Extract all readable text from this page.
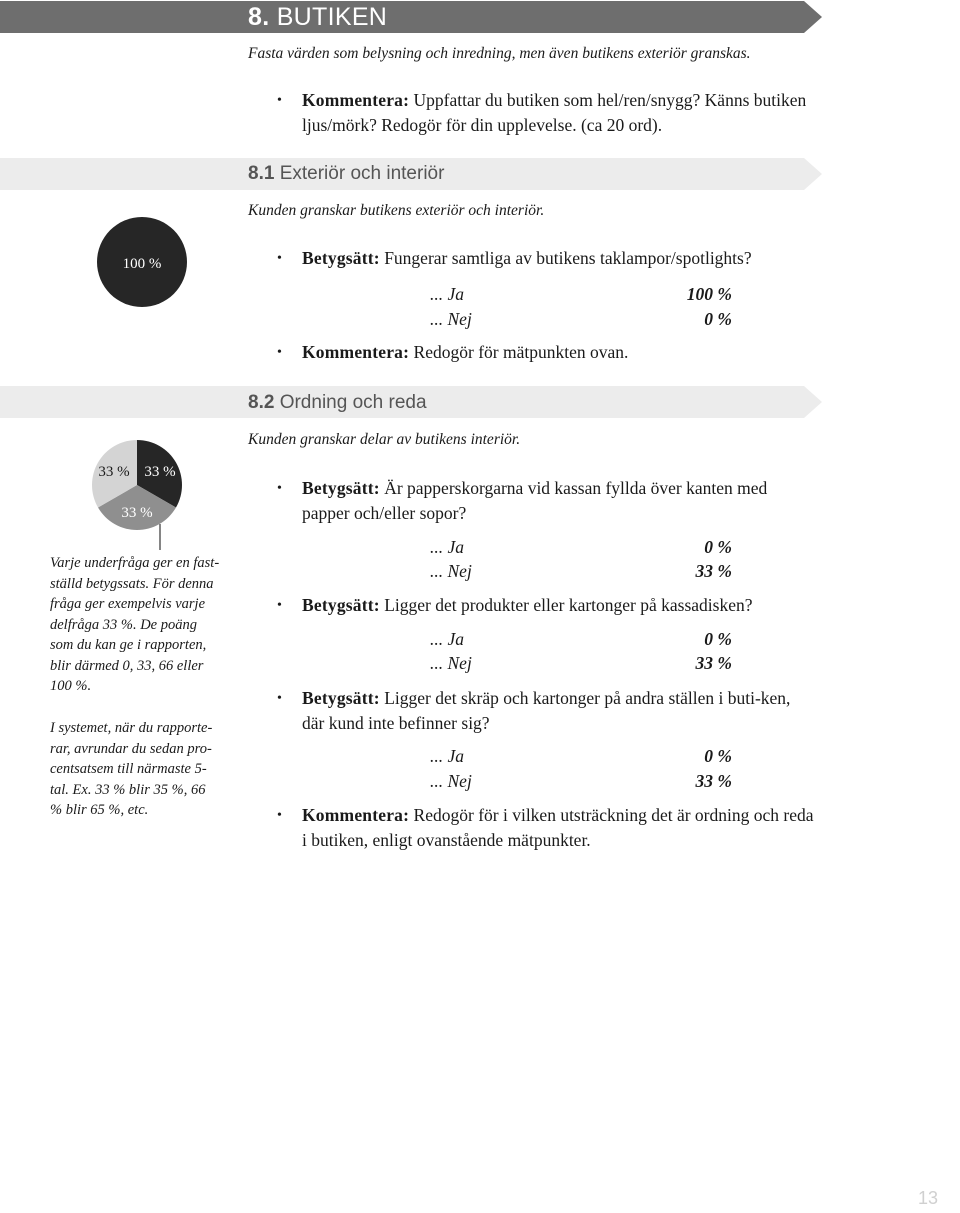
8. BUTIKEN
Fasta värden som belysning och inredning, men även butikens exteriör granskas.
•	Kommentera: Uppfattar du butiken som hel/ren/snygg? Känns butiken ljus/mörk? Redogör för din upplevelse. (ca 20 ord).
8.1 Exteriör och interiör
Kunden granskar butikens exteriör och interiör.
100 %	•	Betygsätt: Fungerar samtliga av butikens taklampor/spotlights?
... Ja	100 %
... Nej	0 %
•	Kommentera: Redogör för mätpunkten ovan.
8.2 Ordning och reda
Kunden granskar delar av butikens interiör.
33 % 33 %
33 %
Varje underfråga ger en fast-ställd betygssats. För denna fråga ger exempelvis varje delfråga 33 %. De poäng som du kan ge i rapporten, blir därmed 0, 33, 66 eller 100 %.
I systemet, när du rapporte-rar, avrundar du sedan pro-centsatsem till närmaste 5-tal. Ex. 33 % blir 35 %, 66 % blir 65 %, etc.
•	Betygsätt: Är papperskorgarna vid kassan fyllda över kanten med papper och/eller sopor?
... Ja	0 %
... Nej	33 %
•	Betygsätt: Ligger det produkter eller kartonger på kassadisken?
... Ja	0 %
... Nej	33 %
•	Betygsätt: Ligger det skräp och kartonger på andra ställen i buti-ken, där kund inte befinner sig?
... Ja	0 %
... Nej	33 %
•	Kommentera: Redogör för i vilken utsträckning det är ordning och reda i butiken, enligt ovanstående mätpunkter.
13
